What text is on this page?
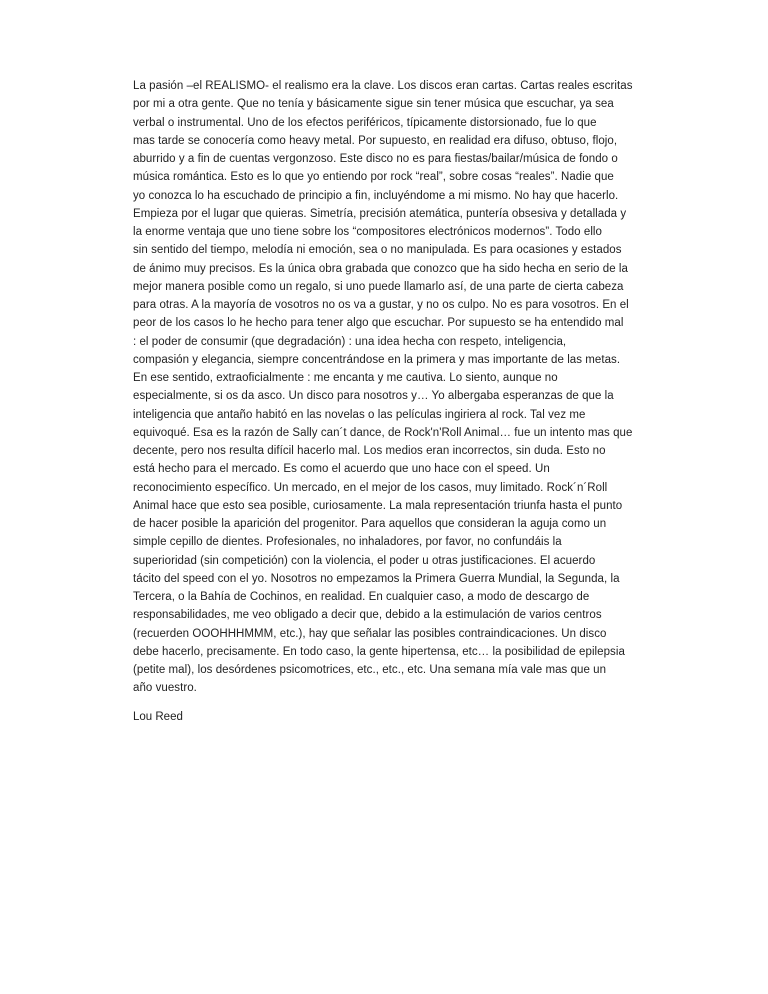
La pasión –el REALISMO- el realismo era la clave. Los discos eran cartas. Cartas reales escritas
por mi a otra gente. Que no tenía y básicamente sigue sin tener música que escuchar, ya sea
verbal o instrumental. Uno de los efectos periféricos, típicamente distorsionado, fue lo que
mas tarde se conocería como heavy metal. Por supuesto, en realidad era difuso, obtuso, flojo,
aburrido y a fin de cuentas vergonzoso. Este disco no es para fiestas/bailar/música de fondo o
música romántica. Esto es lo que yo entiendo por rock “real”, sobre cosas “reales”. Nadie que
yo conozca lo ha escuchado de principio a fin, incluyéndome a mi mismo. No hay que hacerlo.
Empieza por el lugar que quieras. Simetría, precisión atemática, puntería obsesiva y detallada y
la enorme ventaja que uno tiene sobre los “compositores electrónicos modernos”. Todo ello
sin sentido del tiempo, melodía ni emoción, sea o no manipulada. Es para ocasiones y estados
de ánimo muy precisos. Es la única obra grabada que conozco que ha sido hecha en serio de la
mejor manera posible como un regalo, si uno puede llamarlo así, de una parte de cierta cabeza
para otras. A la mayoría de vosotros no os va a gustar, y no os culpo. No es para vosotros. En el
peor de los casos lo he hecho para tener algo que escuchar. Por supuesto se ha entendido mal
: el poder de consumir (que degradación) : una idea hecha con respeto, inteligencia,
compasión y elegancia, siempre concentrándose en la primera y mas importante de las metas.
En ese sentido, extraoficialmente : me encanta y me cautiva. Lo siento, aunque no
especialmente, si os da asco. Un disco para nosotros y… Yo albergaba esperanzas de que la
inteligencia que antaño habitó en las novelas o las películas ingiriera al rock. Tal vez me
equivoqué. Esa es la razón de Sally can´t dance, de Rock'n'Roll Animal… fue un intento mas que
decente, pero nos resulta difícil hacerlo mal. Los medios eran incorrectos, sin duda. Esto no
está hecho para el mercado. Es como el acuerdo que uno hace con el speed. Un
reconocimiento específico. Un mercado, en el mejor de los casos, muy limitado. Rock´n´Roll
Animal hace que esto sea posible, curiosamente. La mala representación triunfa hasta el punto
de hacer posible la aparición del progenitor. Para aquellos que consideran la aguja como un
simple cepillo de dientes. Profesionales, no inhaladores, por favor, no confundáis la
superioridad (sin competición) con la violencia, el poder u otras justificaciones. El acuerdo
tácito del speed con el yo. Nosotros no empezamos la Primera Guerra Mundial, la Segunda, la
Tercera, o la Bahía de Cochinos, en realidad. En cualquier caso, a modo de descargo de
responsabilidades, me veo obligado a decir que, debido a la estimulación de varios centros
(recuerden OOOHHHMMM, etc.), hay que señalar las posibles contraindicaciones. Un disco
debe hacerlo, precisamente. En todo caso, la gente hipertensa, etc… la posibilidad de epilepsia
(petite mal), los desórdenes psicomotrices, etc., etc., etc. Una semana mía vale mas que un
año vuestro.
Lou Reed
